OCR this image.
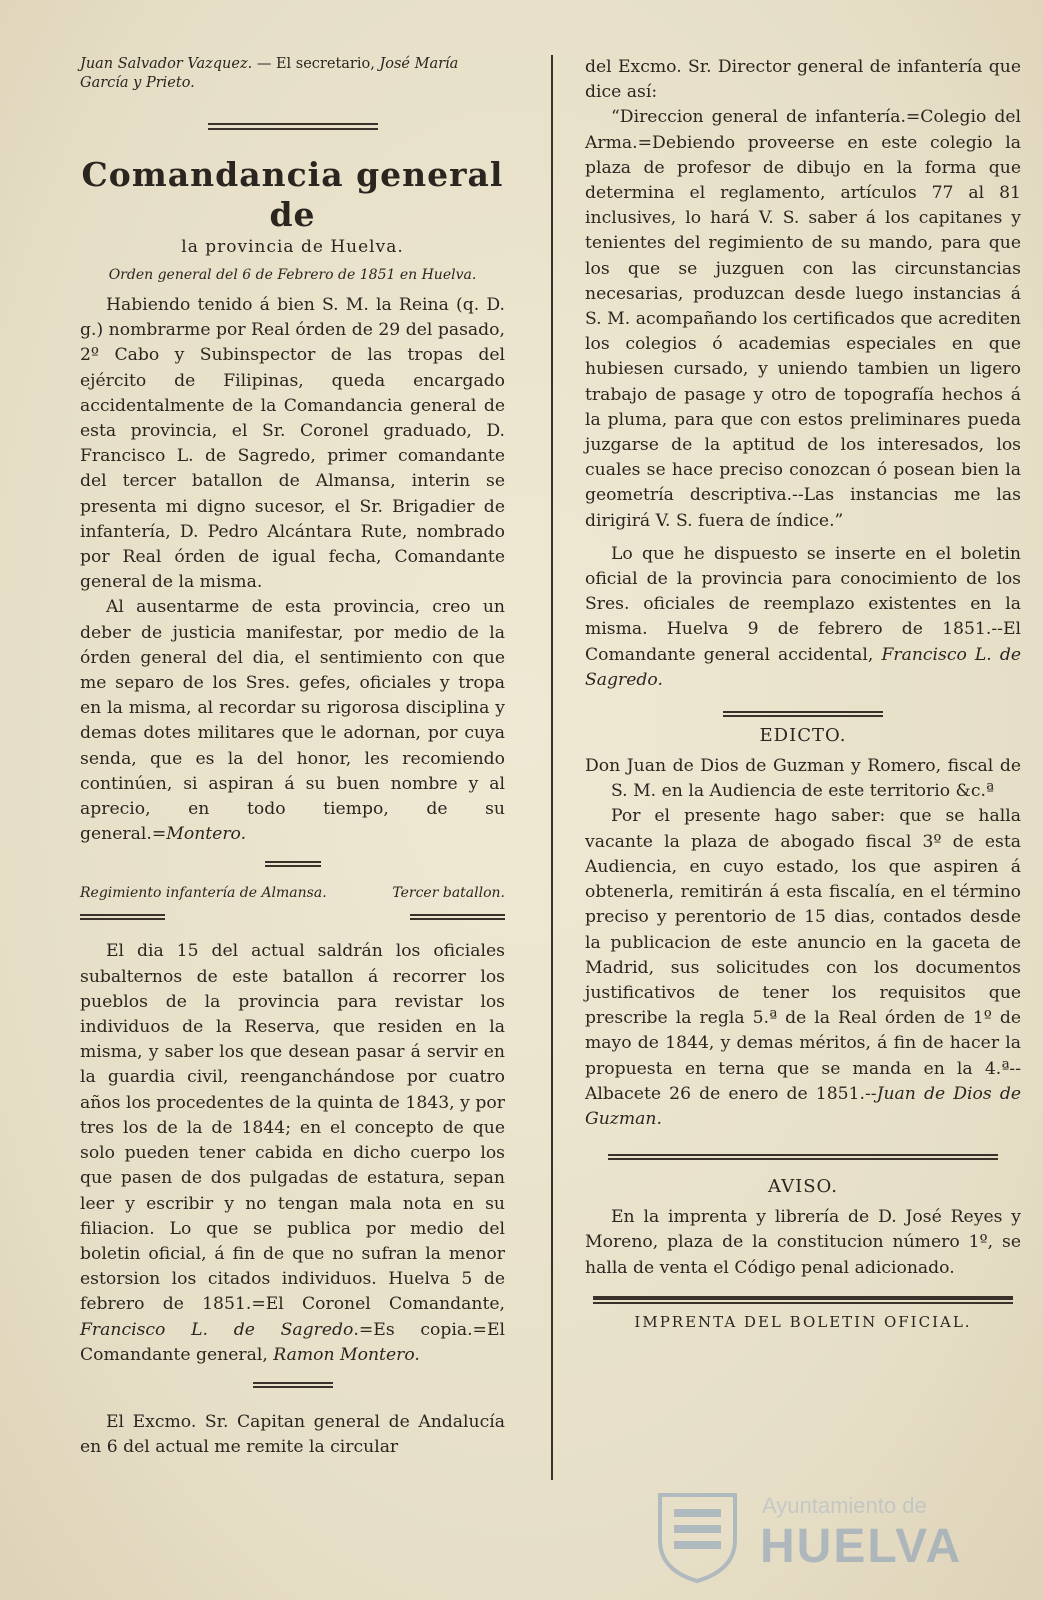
Juan Salvador Vazquez. — El secretario, José María García y Prieto.

Comandancia general de

la provincia de Huelva.

Orden general del 6 de Febrero de 1851 en Huelva.

Habiendo tenido á bien S. M. la Reina (q. D. g.) nombrarme por Real órden de 29 del pasado, 2º Cabo y Subinspector de las tropas del ejército de Filipinas, queda encargado accidentalmente de la Comandancia general de esta provincia, el Sr. Coronel graduado, D. Francisco L. de Sagredo, primer comandante del tercer batallon de Almansa, interin se presenta mi digno sucesor, el Sr. Brigadier de infantería, D. Pedro Alcántara Rute, nombrado por Real órden de igual fecha, Comandante general de la misma.

Al ausentarme de esta provincia, creo un deber de justicia manifestar, por medio de la órden general del dia, el sentimiento con que me separo de los Sres. gefes, oficiales y tropa en la misma, al recordar su rigorosa disciplina y demas dotes militares que le adornan, por cuya senda, que es la del honor, les recomiendo continúen, si aspiran á su buen nombre y al aprecio, en todo tiempo, de su general.=Montero.

Regimiento infantería de Almansa.	Tercer batallon.

El dia 15 del actual saldrán los oficiales subalternos de este batallon á recorrer los pueblos de la provincia para revistar los individuos de la Reserva, que residen en la misma, y saber los que desean pasar á servir en la guardia civil, reenganchándose por cuatro años los procedentes de la quinta de 1843, y por tres los de la de 1844; en el concepto de que solo pueden tener cabida en dicho cuerpo los que pasen de dos pulgadas de estatura, sepan leer y escribir y no tengan mala nota en su filiacion. Lo que se publica por medio del boletin oficial, á fin de que no sufran la menor estorsion los citados individuos. Huelva 5 de febrero de 1851.=El Coronel Comandante, Francisco L. de Sagredo.=Es copia.=El Comandante general, Ramon Montero.

El Excmo. Sr. Capitan general de Andalucía en 6 del actual me remite la circular

del Excmo. Sr. Director general de infantería que dice así:

“Direccion general de infantería.=Colegio del Arma.=Debiendo proveerse en este colegio la plaza de profesor de dibujo en la forma que determina el reglamento, artículos 77 al 81 inclusives, lo hará V. S. saber á los capitanes y tenientes del regimiento de su mando, para que los que se juzguen con las circunstancias necesarias, produzcan desde luego instancias á S. M. acompañando los certificados que acrediten los colegios ó academias especiales en que hubiesen cursado, y uniendo tambien un ligero trabajo de pasage y otro de topografía hechos á la pluma, para que con estos preliminares pueda juzgarse de la aptitud de los interesados, los cuales se hace preciso conozcan ó posean bien la geometría descriptiva.--Las instancias me las dirigirá V. S. fuera de índice.”

Lo que he dispuesto se inserte en el boletin oficial de la provincia para conocimiento de los Sres. oficiales de reemplazo existentes en la misma. Huelva 9 de febrero de 1851.--El Comandante general accidental, Francisco L. de Sagredo.

EDICTO.

Don Juan de Dios de Guzman y Romero, fiscal de S. M. en la Audiencia de este territorio &c.ª

Por el presente hago saber: que se halla vacante la plaza de abogado fiscal 3º de esta Audiencia, en cuyo estado, los que aspiren á obtenerla, remitirán á esta fiscalía, en el término preciso y perentorio de 15 dias, contados desde la publicacion de este anuncio en la gaceta de Madrid, sus solicitudes con los documentos justificativos de tener los requisitos que prescribe la regla 5.ª de la Real órden de 1º de mayo de 1844, y demas méritos, á fin de hacer la propuesta en terna que se manda en la 4.ª--Albacete 26 de enero de 1851.--Juan de Dios de Guzman.

AVISO.

En la imprenta y librería de D. José Reyes y Moreno, plaza de la constitucion número 1º, se halla de venta el Código penal adicionado.

IMPRENTA DEL BOLETIN OFICIAL.

Ayuntamiento de
HUELVA
